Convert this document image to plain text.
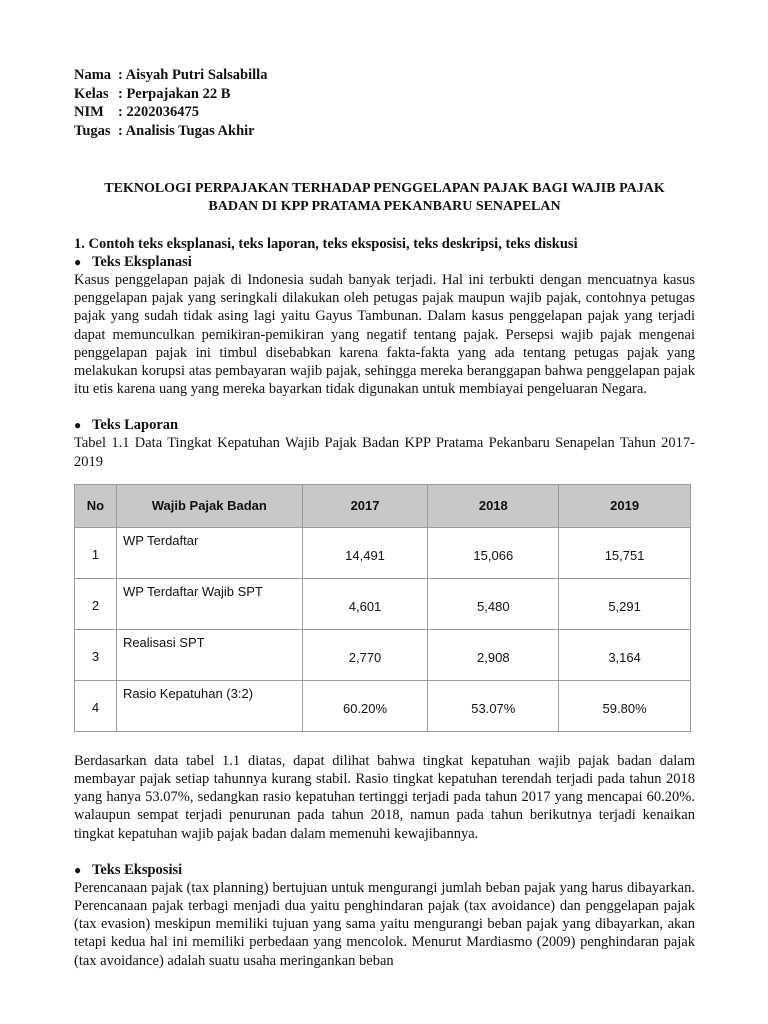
Nama : Aisyah Putri Salsabilla
Kelas : Perpajakan 22 B
NIM : 2202036475
Tugas : Analisis Tugas Akhir
TEKNOLOGI PERPAJAKAN TERHADAP PENGGELAPAN PAJAK BAGI WAJIB PAJAK
BADAN DI KPP PRATAMA PEKANBARU SENAPELAN
1. Contoh teks eksplanasi, teks laporan, teks eksposisi, teks deskripsi, teks diskusi
● Teks Eksplanasi

Kasus penggelapan pajak di Indonesia sudah banyak terjadi. Hal ini terbukti dengan mencuatnya kasus penggelapan pajak yang seringkali dilakukan oleh petugas pajak maupun wajib pajak, contohnya petugas pajak yang sudah tidak asing lagi yaitu Gayus Tambunan. Dalam kasus penggelapan pajak yang terjadi dapat memunculkan pemikiran-pemikiran yang negatif tentang pajak. Persepsi wajib pajak mengenai penggelapan pajak ini timbul disebabkan karena fakta-fakta yang ada tentang petugas pajak yang melakukan korupsi atas pembayaran wajib pajak, sehingga mereka beranggapan bahwa penggelapan pajak itu etis karena uang yang mereka bayarkan tidak digunakan untuk membiayai pengeluaran Negara.

● Teks Laporan
Tabel 1.1 Data Tingkat Kepatuhan Wajib Pajak Badan KPP Pratama Pekanbaru Senapelan Tahun 2017-2019
No	Wajib Pajak Badan	2017	2018	2019
1	WP Terdaftar	14,491	15,066	15,751
2	WP Terdaftar Wajib SPT	4,601	5,480	5,291
3	Realisasi SPT	2,770	2,908	3,164
4	Rasio Kepatuhan (3:2)	60.20%	53.07%	59.80%

Berdasarkan data tabel 1.1 diatas, dapat dilihat bahwa tingkat kepatuhan wajib pajak badan dalam membayar pajak setiap tahunnya kurang stabil. Rasio tingkat kepatuhan terendah terjadi pada tahun 2018 yang hanya 53.07%, sedangkan rasio kepatuhan tertinggi terjadi pada tahun 2017 yang mencapai 60.20%. walaupun sempat terjadi penurunan pada tahun 2018, namun pada tahun berikutnya terjadi kenaikan tingkat kepatuhan wajib pajak badan dalam memenuhi kewajibannya.

● Teks Eksposisi

Perencanaan pajak (tax planning) bertujuan untuk mengurangi jumlah beban pajak yang harus dibayarkan. Perencanaan pajak terbagi menjadi dua yaitu penghindaran pajak (tax avoidance) dan penggelapan pajak (tax evasion) meskipun memiliki tujuan yang sama yaitu mengurangi beban pajak yang dibayarkan, akan tetapi kedua hal ini memiliki perbedaan yang mencolok. Menurut Mardiasmo (2009) penghindaran pajak (tax avoidance) adalah suatu usaha meringankan beban
